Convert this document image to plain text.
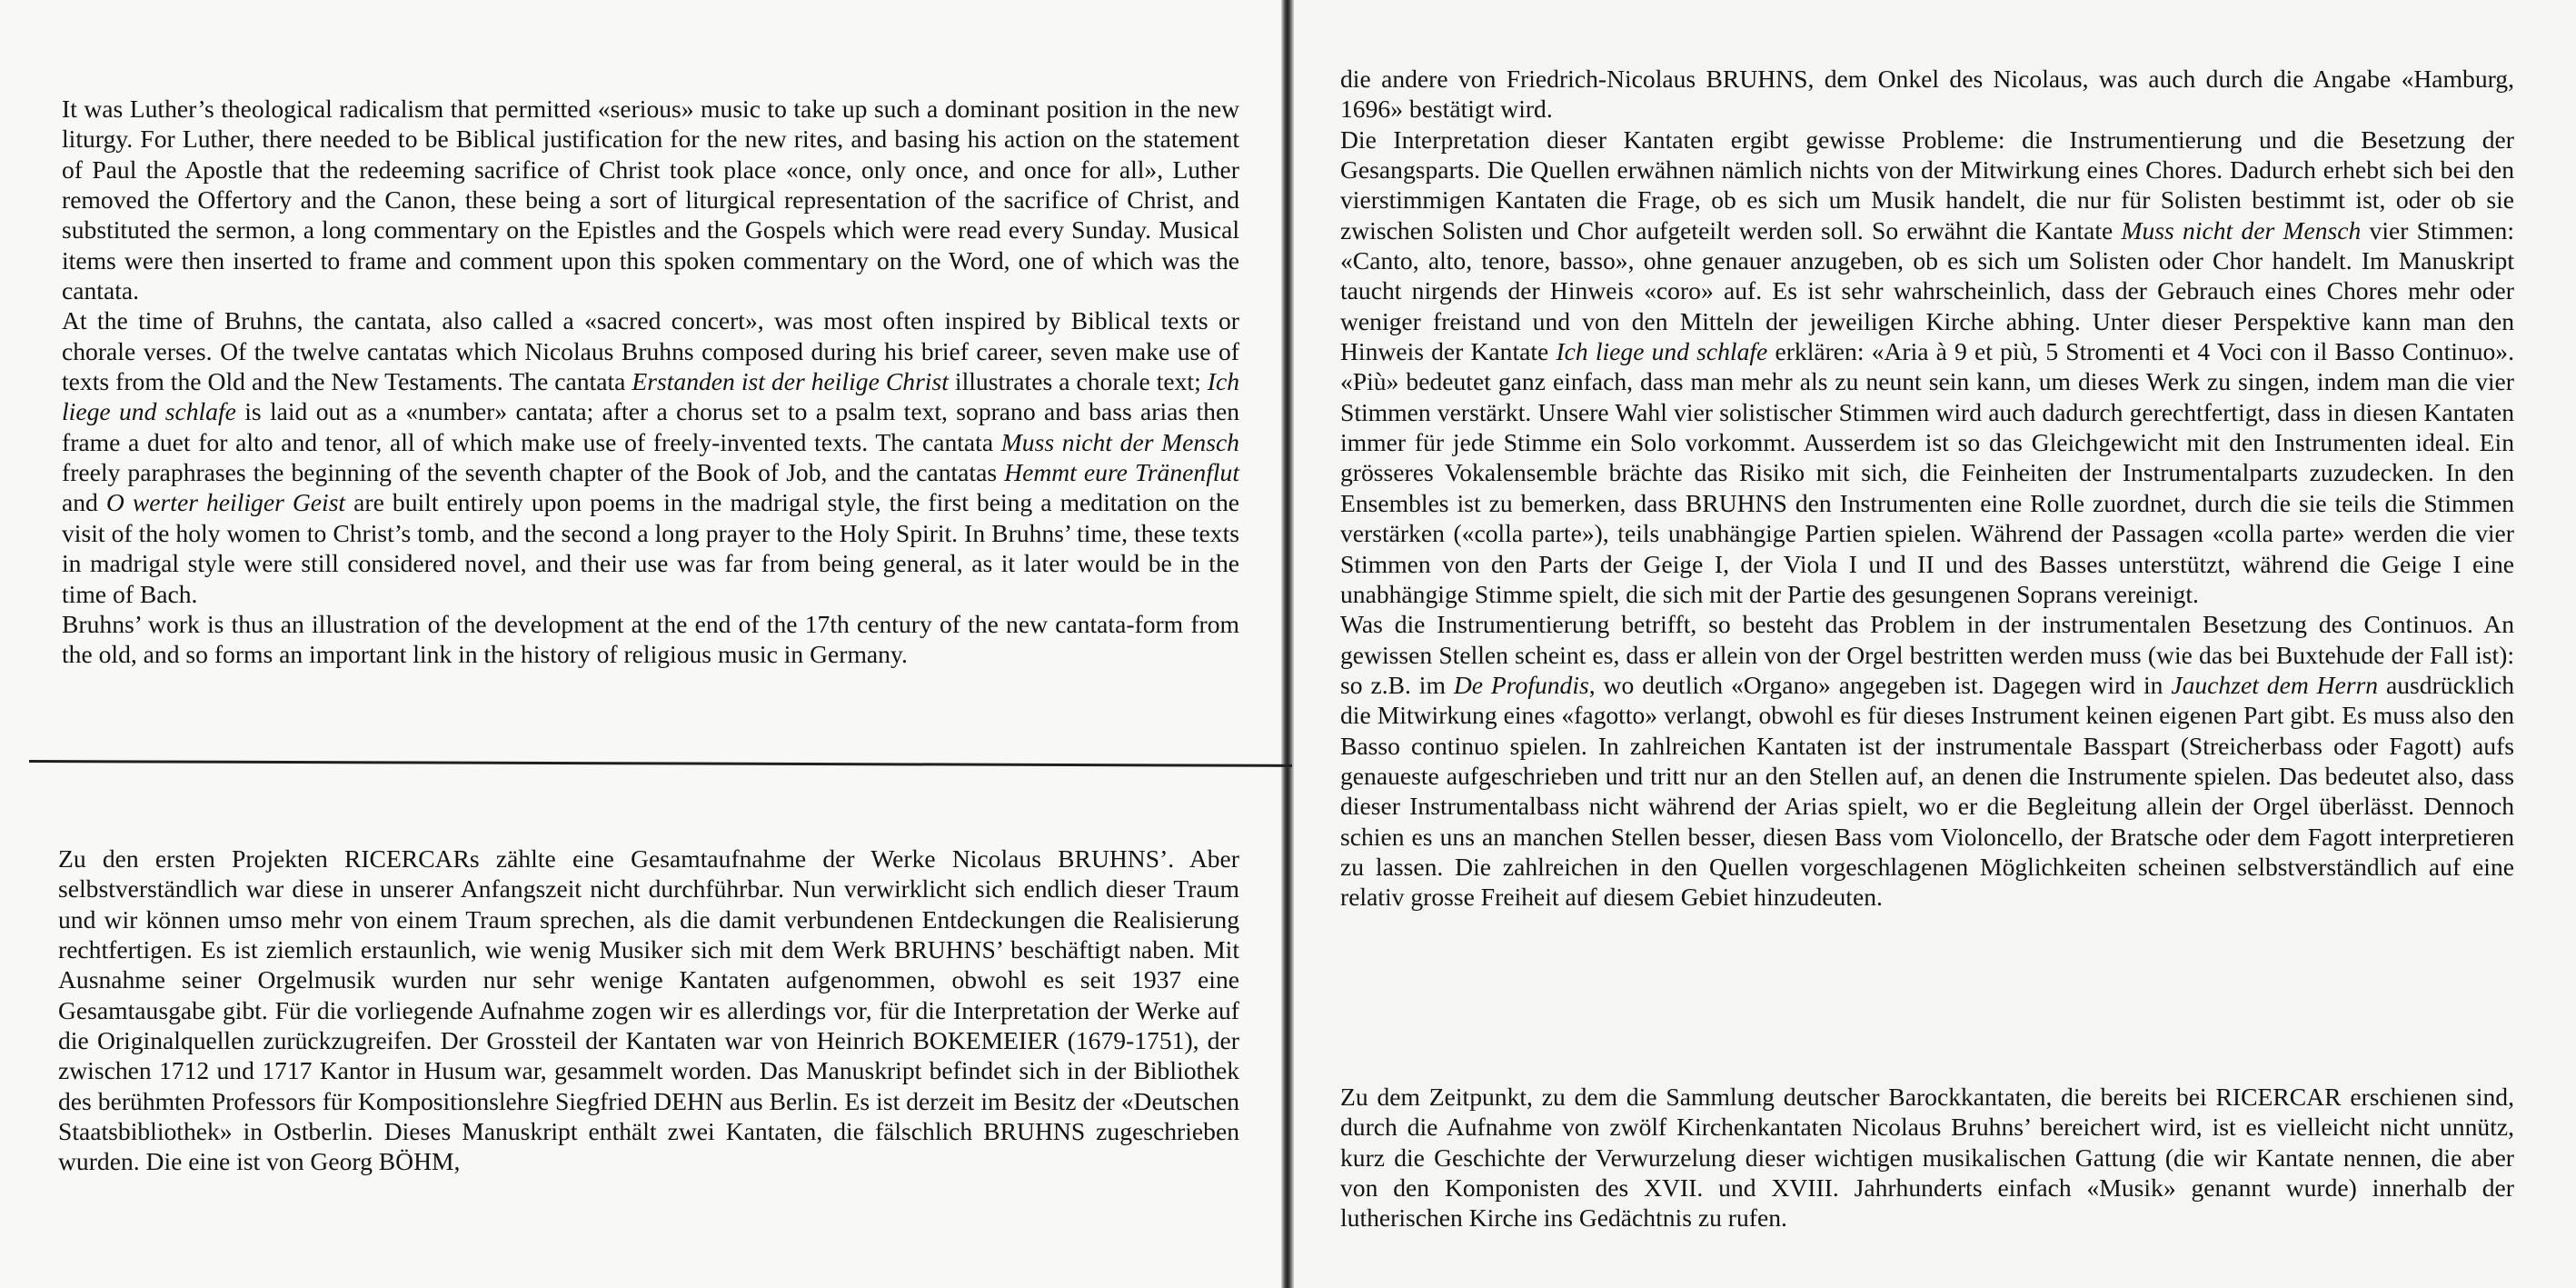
It was Luther’s theological radicalism that permitted «serious» music to take up such a dominant position in the new liturgy. For Luther, there needed to be Biblical justification for the new rites, and basing his action on the statement of Paul the Apostle that the redeeming sacrifice of Christ took place «once, only once, and once for all», Luther removed the Offertory and the Canon, these being a sort of liturgical representation of the sacrifice of Christ, and substituted the sermon, a long commentary on the Epistles and the Gospels which were read every Sunday. Musical items were then inserted to frame and comment upon this spoken commentary on the Word, one of which was the cantata.

At the time of Bruhns, the cantata, also called a «sacred concert», was most often inspired by Biblical texts or chorale verses. Of the twelve cantatas which Nicolaus Bruhns composed during his brief career, seven make use of texts from the Old and the New Testaments. The cantata Erstanden ist der heilige Christ illustrates a chorale text; Ich liege und schlafe is laid out as a «number» cantata; after a chorus set to a psalm text, soprano and bass arias then frame a duet for alto and tenor, all of which make use of freely-invented texts. The cantata Muss nicht der Mensch freely paraphrases the beginning of the seventh chapter of the Book of Job, and the cantatas Hemmt eure Tränenflut and O werter heiliger Geist are built entirely upon poems in the madrigal style, the first being a meditation on the visit of the holy women to Christ’s tomb, and the second a long prayer to the Holy Spirit. In Bruhns’ time, these texts in madrigal style were still considered novel, and their use was far from being general, as it later would be in the time of Bach.

Bruhns’ work is thus an illustration of the development at the end of the 17th century of the new cantata-form from the old, and so forms an important link in the history of religious music in Germany.

Zu den ersten Projekten RICERCARs zählte eine Gesamtaufnahme der Werke Nicolaus BRUHNS’. Aber selbstverständlich war diese in unserer Anfangszeit nicht durchführbar. Nun verwirklicht sich endlich dieser Traum und wir können umso mehr von einem Traum sprechen, als die damit verbundenen Entdeckungen die Realisierung rechtfertigen. Es ist ziemlich erstaunlich, wie wenig Musiker sich mit dem Werk BRUHNS’ beschäftigt naben. Mit Ausnahme seiner Orgelmusik wurden nur sehr wenige Kantaten aufgenommen, obwohl es seit 1937 eine Gesamtausgabe gibt. Für die vorliegende Aufnahme zogen wir es allerdings vor, für die Interpretation der Werke auf die Originalquellen zurückzugreifen. Der Grossteil der Kantaten war von Heinrich BOKEMEIER (1679-1751), der zwischen 1712 und 1717 Kantor in Husum war, gesammelt worden. Das Manuskript befindet sich in der Bibliothek des berühmten Professors für Kompositionslehre Siegfried DEHN aus Berlin. Es ist derzeit im Besitz der «Deutschen Staatsbibliothek» in Ostberlin. Dieses Manuskript enthält zwei Kantaten, die fälschlich BRUHNS zugeschrieben wurden. Die eine ist von Georg BÖHM,

die andere von Friedrich-Nicolaus BRUHNS, dem Onkel des Nicolaus, was auch durch die Angabe «Hamburg, 1696» bestätigt wird.

Die Interpretation dieser Kantaten ergibt gewisse Probleme: die Instrumentierung und die Besetzung der Gesangsparts. Die Quellen erwähnen nämlich nichts von der Mitwirkung eines Chores. Dadurch erhebt sich bei den vierstimmigen Kantaten die Frage, ob es sich um Musik handelt, die nur für Solisten bestimmt ist, oder ob sie zwischen Solisten und Chor aufgeteilt werden soll. So erwähnt die Kantate Muss nicht der Mensch vier Stimmen: «Canto, alto, tenore, basso», ohne genauer anzugeben, ob es sich um Solisten oder Chor handelt. Im Manuskript taucht nirgends der Hinweis «coro» auf. Es ist sehr wahrscheinlich, dass der Gebrauch eines Chores mehr oder weniger freistand und von den Mitteln der jeweiligen Kirche abhing. Unter dieser Perspektive kann man den Hinweis der Kantate Ich liege und schlafe erklären: «Aria à 9 et più, 5 Stromenti et 4 Voci con il Basso Continuo». «Più» bedeutet ganz einfach, dass man mehr als zu neunt sein kann, um dieses Werk zu singen, indem man die vier Stimmen verstärkt. Unsere Wahl vier solistischer Stimmen wird auch dadurch gerechtfertigt, dass in diesen Kantaten immer für jede Stimme ein Solo vorkommt. Ausserdem ist so das Gleichgewicht mit den Instrumenten ideal. Ein grösseres Vokalensemble brächte das Risiko mit sich, die Feinheiten der Instrumentalparts zuzudecken. In den Ensembles ist zu bemerken, dass BRUHNS den Instrumenten eine Rolle zuordnet, durch die sie teils die Stimmen verstärken («colla parte»), teils unabhängige Partien spielen. Während der Passagen «colla parte» werden die vier Stimmen von den Parts der Geige I, der Viola I und II und des Basses unterstützt, während die Geige I eine unabhängige Stimme spielt, die sich mit der Partie des gesungenen Soprans vereinigt.

Was die Instrumentierung betrifft, so besteht das Problem in der instrumentalen Besetzung des Continuos. An gewissen Stellen scheint es, dass er allein von der Orgel bestritten werden muss (wie das bei Buxtehude der Fall ist): so z.B. im De Profundis, wo deutlich «Organo» angegeben ist. Dagegen wird in Jauchzet dem Herrn ausdrücklich die Mitwirkung eines «fagotto» verlangt, obwohl es für dieses Instrument keinen eigenen Part gibt. Es muss also den Basso continuo spielen. In zahlreichen Kantaten ist der instrumentale Basspart (Streicherbass oder Fagott) aufs genaueste aufgeschrieben und tritt nur an den Stellen auf, an denen die Instrumente spielen. Das bedeutet also, dass dieser Instrumentalbass nicht während der Arias spielt, wo er die Begleitung allein der Orgel überlässt. Dennoch schien es uns an manchen Stellen besser, diesen Bass vom Violoncello, der Bratsche oder dem Fagott interpretieren zu lassen. Die zahlreichen in den Quellen vorgeschlagenen Möglichkeiten scheinen selbstverständlich auf eine relativ grosse Freiheit auf diesem Gebiet hinzudeuten.

Zu dem Zeitpunkt, zu dem die Sammlung deutscher Barockkantaten, die bereits bei RICERCAR erschienen sind, durch die Aufnahme von zwölf Kirchenkantaten Nicolaus Bruhns’ bereichert wird, ist es vielleicht nicht unnütz, kurz die Geschichte der Verwurzelung dieser wichtigen musikalischen Gattung (die wir Kantate nennen, die aber von den Komponisten des XVII. und XVIII. Jahrhunderts einfach «Musik» genannt wurde) innerhalb der lutherischen Kirche ins Gedächtnis zu rufen.
